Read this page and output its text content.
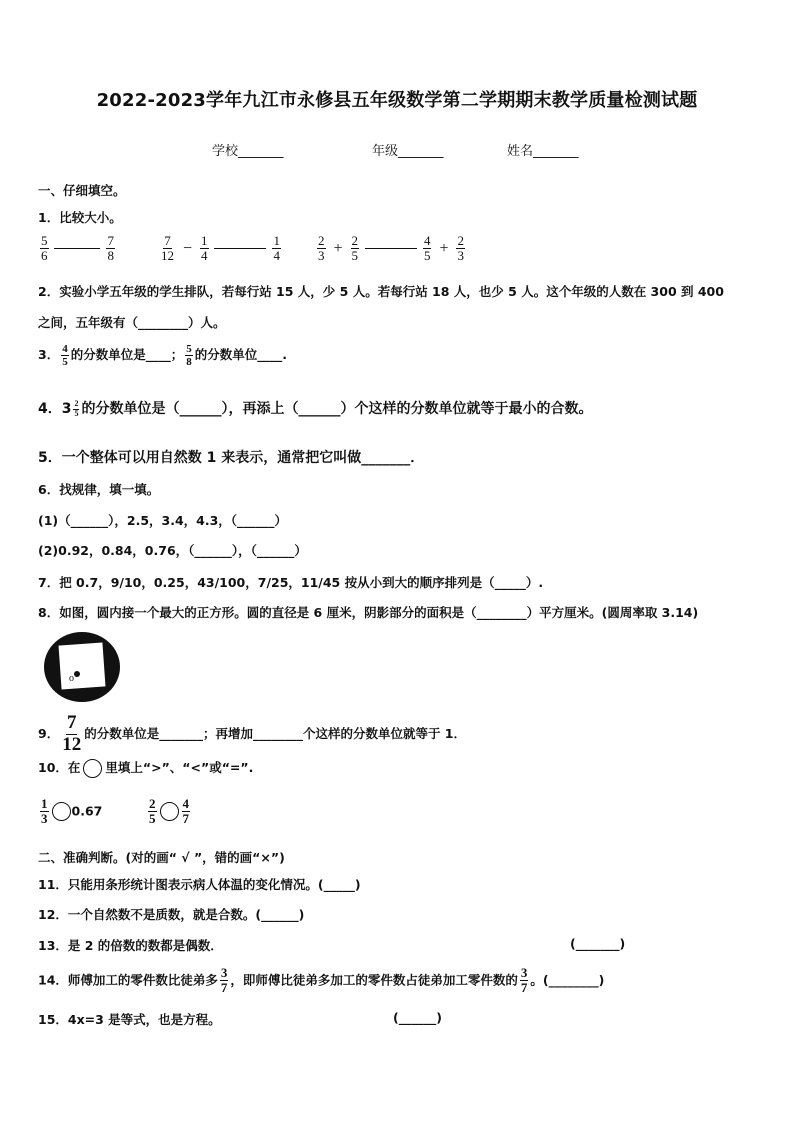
2022-2023学年九江市永修县五年级数学第二学期期末教学质量检测试题
学校_______	年级_______	姓名_______
一、仔细填空。
1．比较大小。
$\frac{5}{6}$
	$\frac{7}{8}$	$\frac{7}{12} - \frac{1}{4}$
	$\frac{1}{4}$	$\frac{2}{3} + \frac{2}{5}$
	$\frac{4}{5} + \frac{2}{3}$
2．实验小学五年级的学生排队，若每行站 15 人，少 5 人。若每行站 18 人，也少 5 人。这个年级的人数在 300 到 400
之间，五年级有（________）人。
3． $\frac{4}{5}$ 的分数单位是____； $\frac{5}{8}$ 的分数单位____.
4．$3 \frac{2}{5}$ 的分数单位是（______），再添上（______）个这样的分数单位就等于最小的合数。
5．一个整体可以用自然数 1 来表示，通常把它叫做_______．
6．找规律，填一填。
(1)（______），2.5，3.4，4.3，（______）
(2)0.92，0.84，0.76，（______），（______）
7．把 0.7，9/10，0.25，43/100，7/25，11/45 按从小到大的顺序排列是（_____）.
8．如图，圆内接一个最大的正方形。圆的直径是 6 厘米，阴影部分的面积是（________）平方厘米。(圆周率取 3.14)
o
9． $\frac{7}{12}$ 的分数单位是_______；再增加________个这样的分数单位就等于 1．
10．在 里填上“>”、“<”或“=”.
$\frac{1}{3} 0.67$	$\frac{2}{5} \frac{4}{7}$
二、准确判断。(对的画“ √ ”，错的画“×”)
11．只能用条形统计图表示病人体温的变化情况。(_____)
12．一个自然数不是质数，就是合数。(______)
13．是 2 的倍数的数都是偶数．	(_______)
14．师傅加工的零件数比徒弟多 $\frac{3}{7}$ ，即师傅比徒弟多加工的零件数占徒弟加工零件数的 $\frac{3}{7}$ 。(________)
15．4x=3 是等式，也是方程。	(______)
